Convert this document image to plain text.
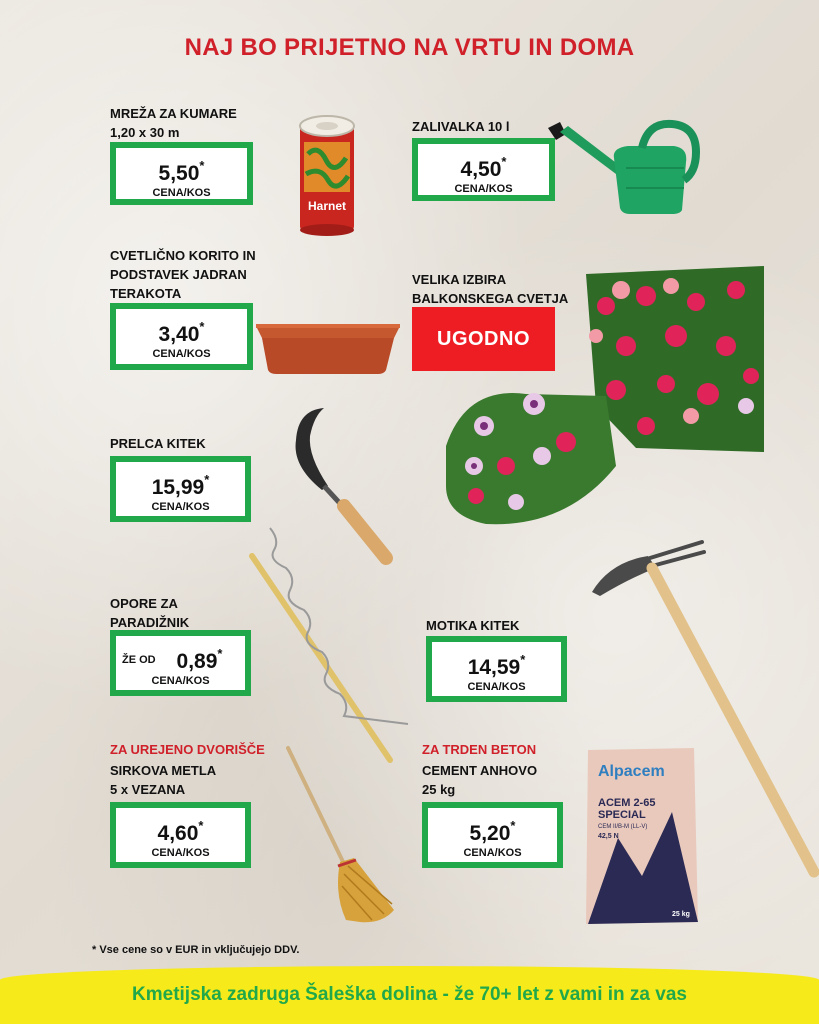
NAJ BO PRIJETNO NA VRTU IN DOMA
MREŽA ZA KUMARE
1,20 x 30 m
5,50*
CENA/KOS
Harnet
ZALIVALKA 10 l
4,50*
CENA/KOS
CVETLIČNO KORITO IN
PODSTAVEK JADRAN
TERAKOTA
3,40*
CENA/KOS
VELIKA IZBIRA
BALKONSKEGA CVETJA
UGODNO
PRELCA KITEK
15,99*
CENA/KOS
OPORE ZA
PARADIŽNIK
ŽE OD 0,89*
CENA/KOS
MOTIKA KITEK
14,59*
CENA/KOS
ZA UREJENO DVORIŠČE
SIRKOVA METLA
5 x VEZANA
4,60*
CENA/KOS
ZA TRDEN BETON
CEMENT ANHOVO
25 kg
5,20*
CENA/KOS
Alpacem
ACEM 2-65
SPECIAL
CEM II/B-M (LL-V)
42,5 N
25 kg
* Vse cene so v EUR in vključujejo DDV.
Kmetijska zadruga Šaleška dolina - že 70+ let z vami in za vas
